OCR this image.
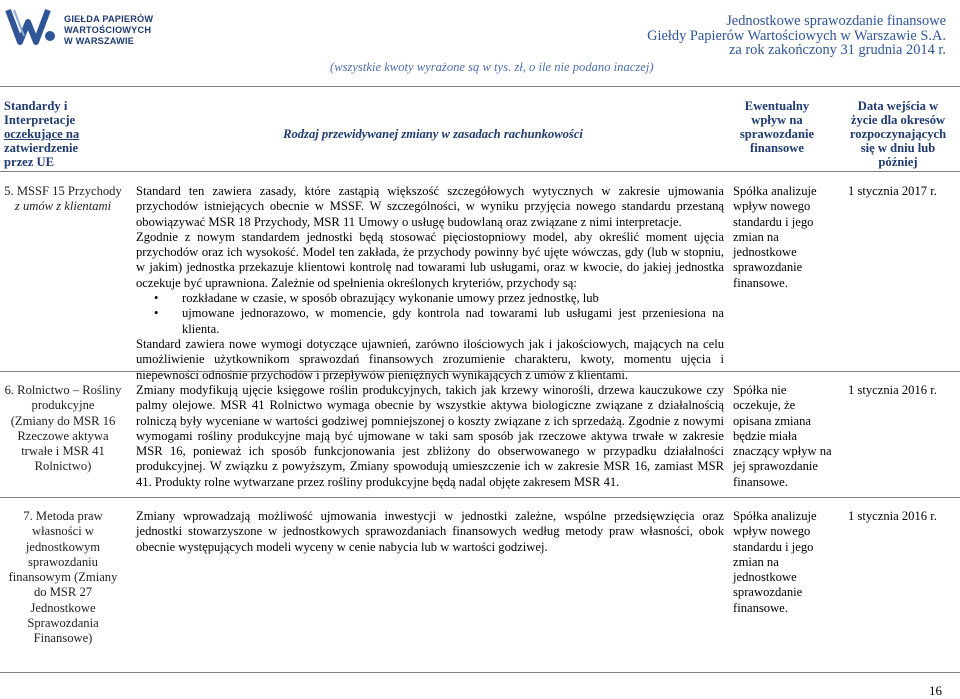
GIEŁDA PAPIERÓW
WARTOŚCIOWYCH
W WARSZAWIE
Jednostkowe sprawozdanie finansowe
Giełdy Papierów Wartościowych w Warszawie S.A.
za rok zakończony 31 grudnia 2014 r.
(wszystkie kwoty wyrażone są w tys. zł, o ile nie podano inaczej)
Standardy i
Interpretacje
oczekujące na
zatwierdzenie
przez UE
Rodzaj przewidywanej zmiany w zasadach rachunkowości
Ewentualny
wpływ na
sprawozdanie
finansowe
Data wejścia w
życie dla okresów
rozpoczynających
się w dniu lub
później
5. MSSF 15 Przychody
z umów z klientami

Standard ten zawiera zasady, które zastąpią większość szczegółowych wytycznych w zakresie ujmowania przychodów istniejących obecnie w MSSF. W szczególności, w wyniku przyjęcia nowego standardu przestaną obowiązywać MSR 18 Przychody, MSR 11 Umowy o usługę budowlaną oraz związane z nimi interpretacje.

Zgodnie z nowym standardem jednostki będą stosować pięciostopniowy model, aby określić moment ujęcia przychodów oraz ich wysokość. Model ten zakłada, że przychody powinny być ujęte wówczas, gdy (lub w stopniu, w jakim) jednostka przekazuje klientowi kontrolę nad towarami lub usługami, oraz w kwocie, do jakiej jednostka oczekuje być uprawniona. Zależnie od spełnienia określonych kryteriów, przychody są:

• rozkładane w czasie, w sposób obrazujący wykonanie umowy przez jednostkę, lub
• ujmowane jednorazowo, w momencie, gdy kontrola nad towarami lub usługami jest przeniesiona na klienta.

Standard zawiera nowe wymogi dotyczące ujawnień, zarówno ilościowych jak i jakościowych, mających na celu umożliwienie użytkownikom sprawozdań finansowych zrozumienie charakteru, kwoty, momentu ujęcia i niepewności odnośnie przychodów i przepływów pieniężnych wynikających z umów z klientami.

Spółka analizuje wpływ nowego standardu i jego zmian na jednostkowe sprawozdanie finansowe.
1 stycznia 2017 r.
6. Rolnictwo – Rośliny
produkcyjne
(Zmiany do MSR 16
Rzeczowe aktywa
trwałe i MSR 41
Rolnictwo)

Zmiany modyfikują ujęcie księgowe roślin produkcyjnych, takich jak krzewy winorośli, drzewa kauczukowe czy palmy olejowe. MSR 41 Rolnictwo wymaga obecnie by wszystkie aktywa biologiczne związane z działalnością rolniczą były wyceniane w wartości godziwej pomniejszonej o koszty związane z ich sprzedażą. Zgodnie z nowymi wymogami rośliny produkcyjne mają być ujmowane w taki sam sposób jak rzeczowe aktywa trwałe w zakresie MSR 16, ponieważ ich sposób funkcjonowania jest zbliżony do obserwowanego w przypadku działalności produkcyjnej. W związku z powyższym, Zmiany spowodują umieszczenie ich w zakresie MSR 16, zamiast MSR 41. Produkty rolne wytwarzane przez rośliny produkcyjne będą nadal objęte zakresem MSR 41.

Spółka nie oczekuje, że opisana zmiana będzie miała znaczący wpływ na jej sprawozdanie finansowe.
1 stycznia 2016 r.
7. Metoda praw
własności w
jednostkowym
sprawozdaniu
finansowym (Zmiany
do MSR 27
Jednostkowe
Sprawozdania
Finansowe)

Zmiany wprowadzają możliwość ujmowania inwestycji w jednostki zależne, wspólne przedsięwzięcia oraz jednostki stowarzyszone w jednostkowych sprawozdaniach finansowych według metody praw własności, obok obecnie występujących modeli wyceny w cenie nabycia lub w wartości godziwej.

Spółka analizuje wpływ nowego standardu i jego zmian na jednostkowe sprawozdanie finansowe.
1 stycznia 2016 r.
16
